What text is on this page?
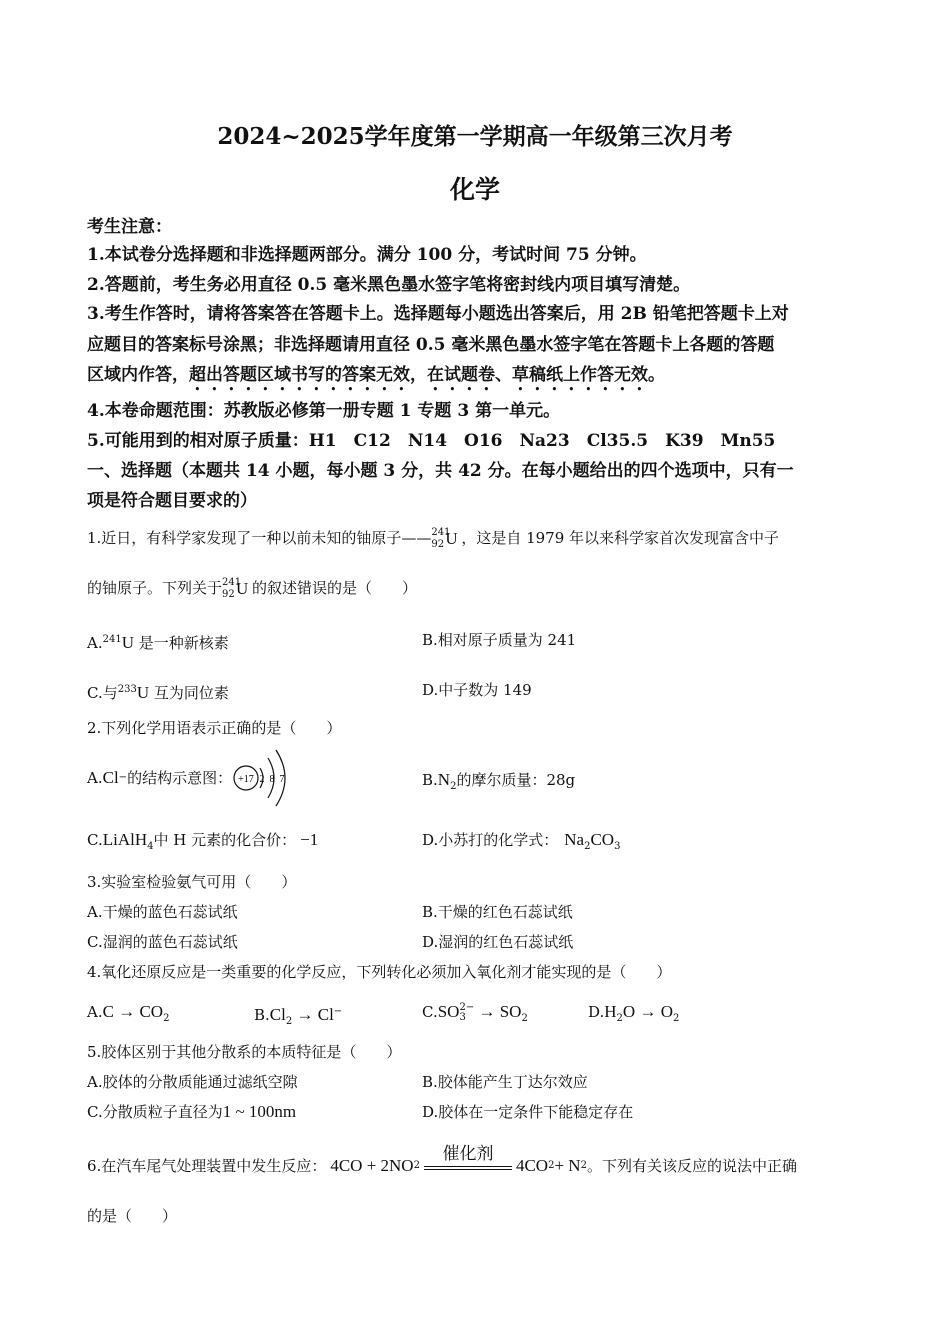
2024~2025学年度第一学期高一年级第三次月考
化学
考生注意：
1.本试卷分选择题和非选择题两部分。满分 100 分，考试时间 75 分钟。
2.答题前，考生务必用直径 0.5 毫米黑色墨水签字笔将密封线内项目填写清楚。
3.考生作答时，请将答案答在答题卡上。选择题每小题选出答案后，用 2B 铅笔把答题卡上对
应题目的答案标号涂黑；非选择题请用直径 0.5 毫米黑色墨水签字笔在答题卡上各题的答题
区域内作答，超出答题区域书写的答案无效，在试题卷、草稿纸上作答无效。
4.本卷命题范围：苏教版必修第一册专题 1 专题 3 第一单元。
5.可能用到的相对原子质量：H1　C12　N14　O16　Na23　Cl35.5　K39　Mn55
一、选择题（本题共 14 小题，每小题 3 分，共 42 分。在每小题给出的四个选项中，只有一
项是符合题目要求的）
1.近日，有科学家发现了一种以前未知的铀原子—— 241
92 U ，这是自 1979 年以来科学家首次发现富含中子
的铀原子。下列关于 241
92 U 的叙述错误的是（　　）
A.$^{241}$U 是一种新核素	B.相对原子质量为 241
C.与$^{233}$U 互为同位素	D.中子数为 149
2.下列化学用语表示正确的是（　　）
A. Cl − 的结构示意图： +17 2 8 7	$B.N_2$的摩尔质量：28g
C.LiAlH$_4$中 H 元素的化合价： −1	D.小苏打的化学式： $Na_2CO_3$
3.实验室检验氨气可用（　　）
A.干燥的蓝色石蕊试纸	B.干燥的红色石蕊试纸
C.湿润的蓝色石蕊试纸	D.湿润的红色石蕊试纸
4.氧化还原反应是一类重要的化学反应，下列转化必须加入氧化剂才能实现的是（　　）
$A.C \to CO_2$	$B.Cl_2 \to Cl^-$	C.SO 2−
$3 \to SO_2$	$D.H_2O \to O_2$
5.胶体区别于其他分散系的本质特征是（　　）
A.胶体的分散质能通过滤纸空隙	B.胶体能产生丁达尔效应
C.分散质粒子直径为1 ~ 100nm	D.胶体在一定条件下能稳定存在
6.在汽车尾气处理装置中发生反应： 4CO + 2NO 2
催化剂
4CO 2 + N 2 。下列有关该反应的说法中正确
的是（　　）
